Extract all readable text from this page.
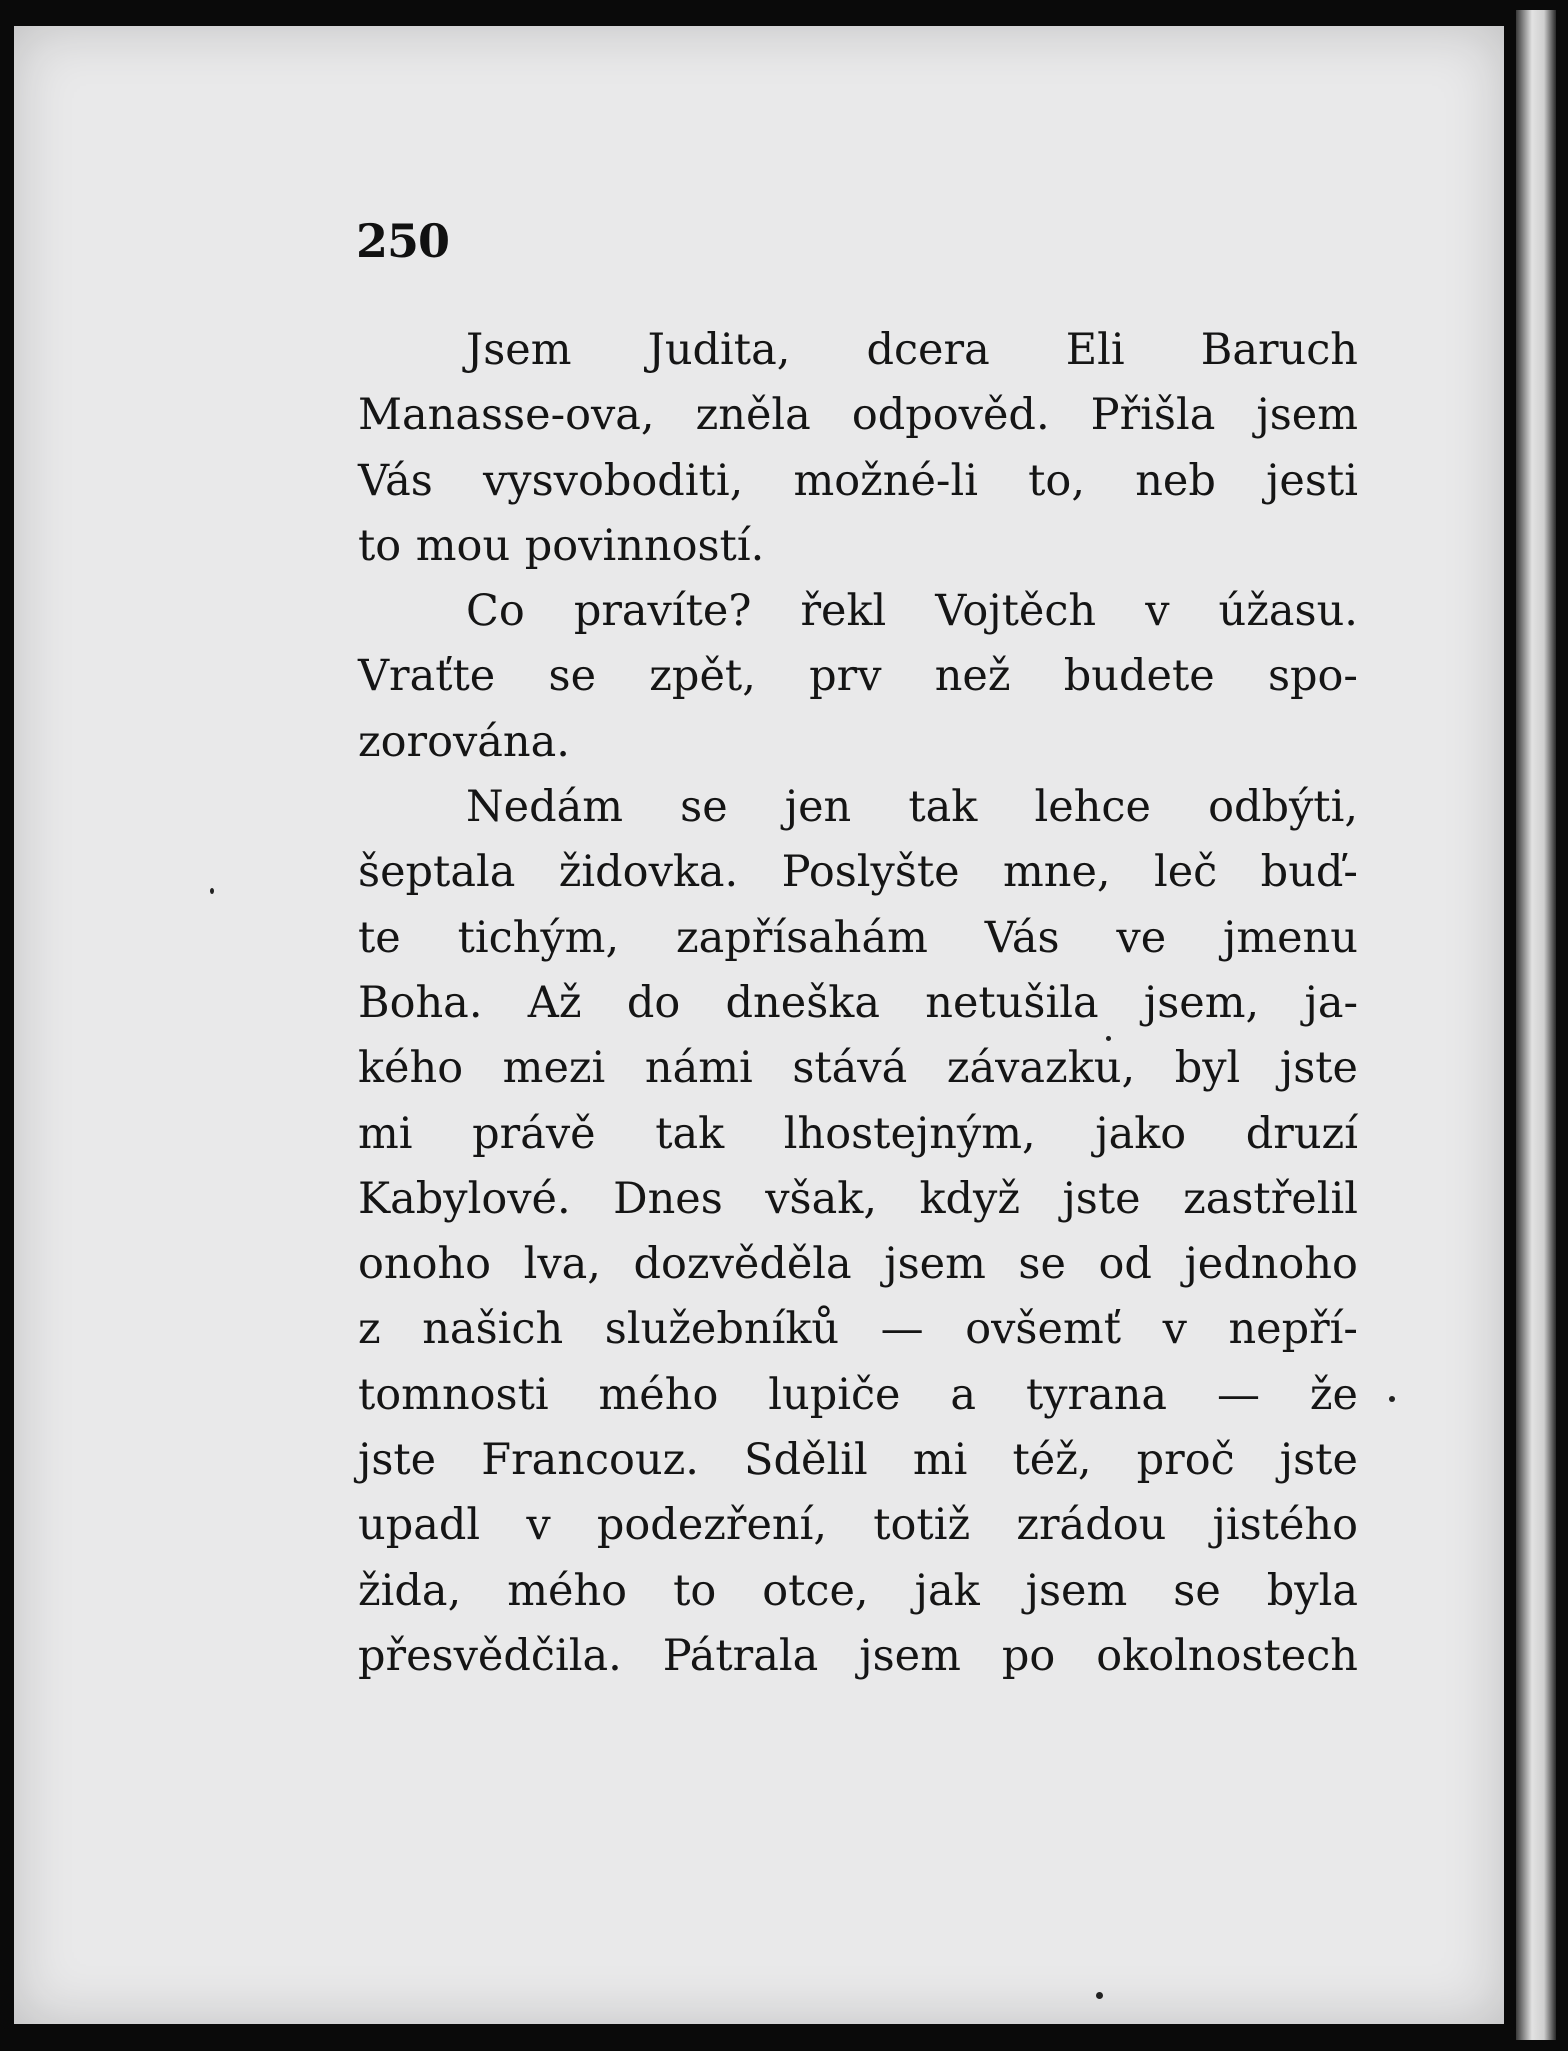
250
Jsem Judita, dcera Eli Baruch
Manasse-ova, zněla odpověd. Přišla jsem
Vás vysvoboditi, možné-li to, neb jesti
to mou povinností.
Co pravíte? řekl Vojtěch v úžasu.
Vraťte se zpět, prv než budete spo-
zorována.
Nedám se jen tak lehce odbýti,
šeptala židovka. Poslyšte mne, leč buď-
te tichým, zapřísahám Vás ve jmenu
Boha. Až do dneška netušila jsem, ja-
kého mezi námi stává závazku, byl jste
mi právě tak lhostejným, jako druzí
Kabylové. Dnes však, když jste zastřelil
onoho lva, dozvěděla jsem se od jednoho
z našich služebníků — ovšemť v nepří-
tomnosti mého lupiče a tyrana — že
jste Francouz. Sdělil mi též, proč jste
upadl v podezření, totiž zrádou jistého
žida, mého to otce, jak jsem se byla
přesvědčila. Pátrala jsem po okolnostech
